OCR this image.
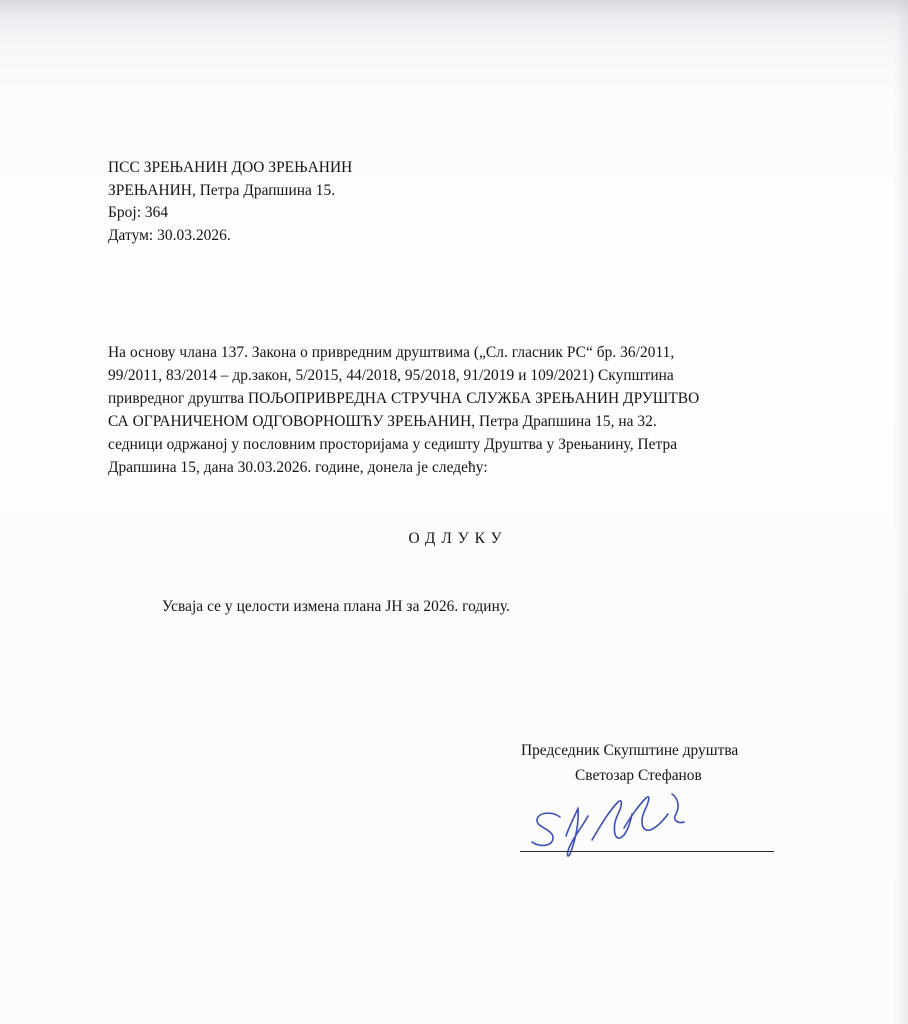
ПСС ЗРЕЊАНИН ДОО ЗРЕЊАНИН
ЗРЕЊАНИН, Петра Драпшина 15.
Број: 364
Датум: 30.03.2026.
На основу члана 137. Закона о привредним друштвима („Сл. гласник РС“ бр. 36/2011,
99/2011, 83/2014 – др.закон, 5/2015, 44/2018, 95/2018, 91/2019 и 109/2021) Скупштина
привредног друштва ПОЉОПРИВРЕДНА СТРУЧНА СЛУЖБА ЗРЕЊАНИН ДРУШТВО
СА ОГРАНИЧЕНОМ ОДГОВОРНОШЋУ ЗРЕЊАНИН, Петра Драпшина 15, на 32.
седници одржаној у пословним просторијама у седишту Друштва у Зрењанину, Петра
Драпшина 15, дана 30.03.2026. године, донела је следећу:
ОДЛУКУ
Усваја се у целости измена плана ЈН за 2026. годину.
Председник Скупштине друштва
Светозар Стефанов
